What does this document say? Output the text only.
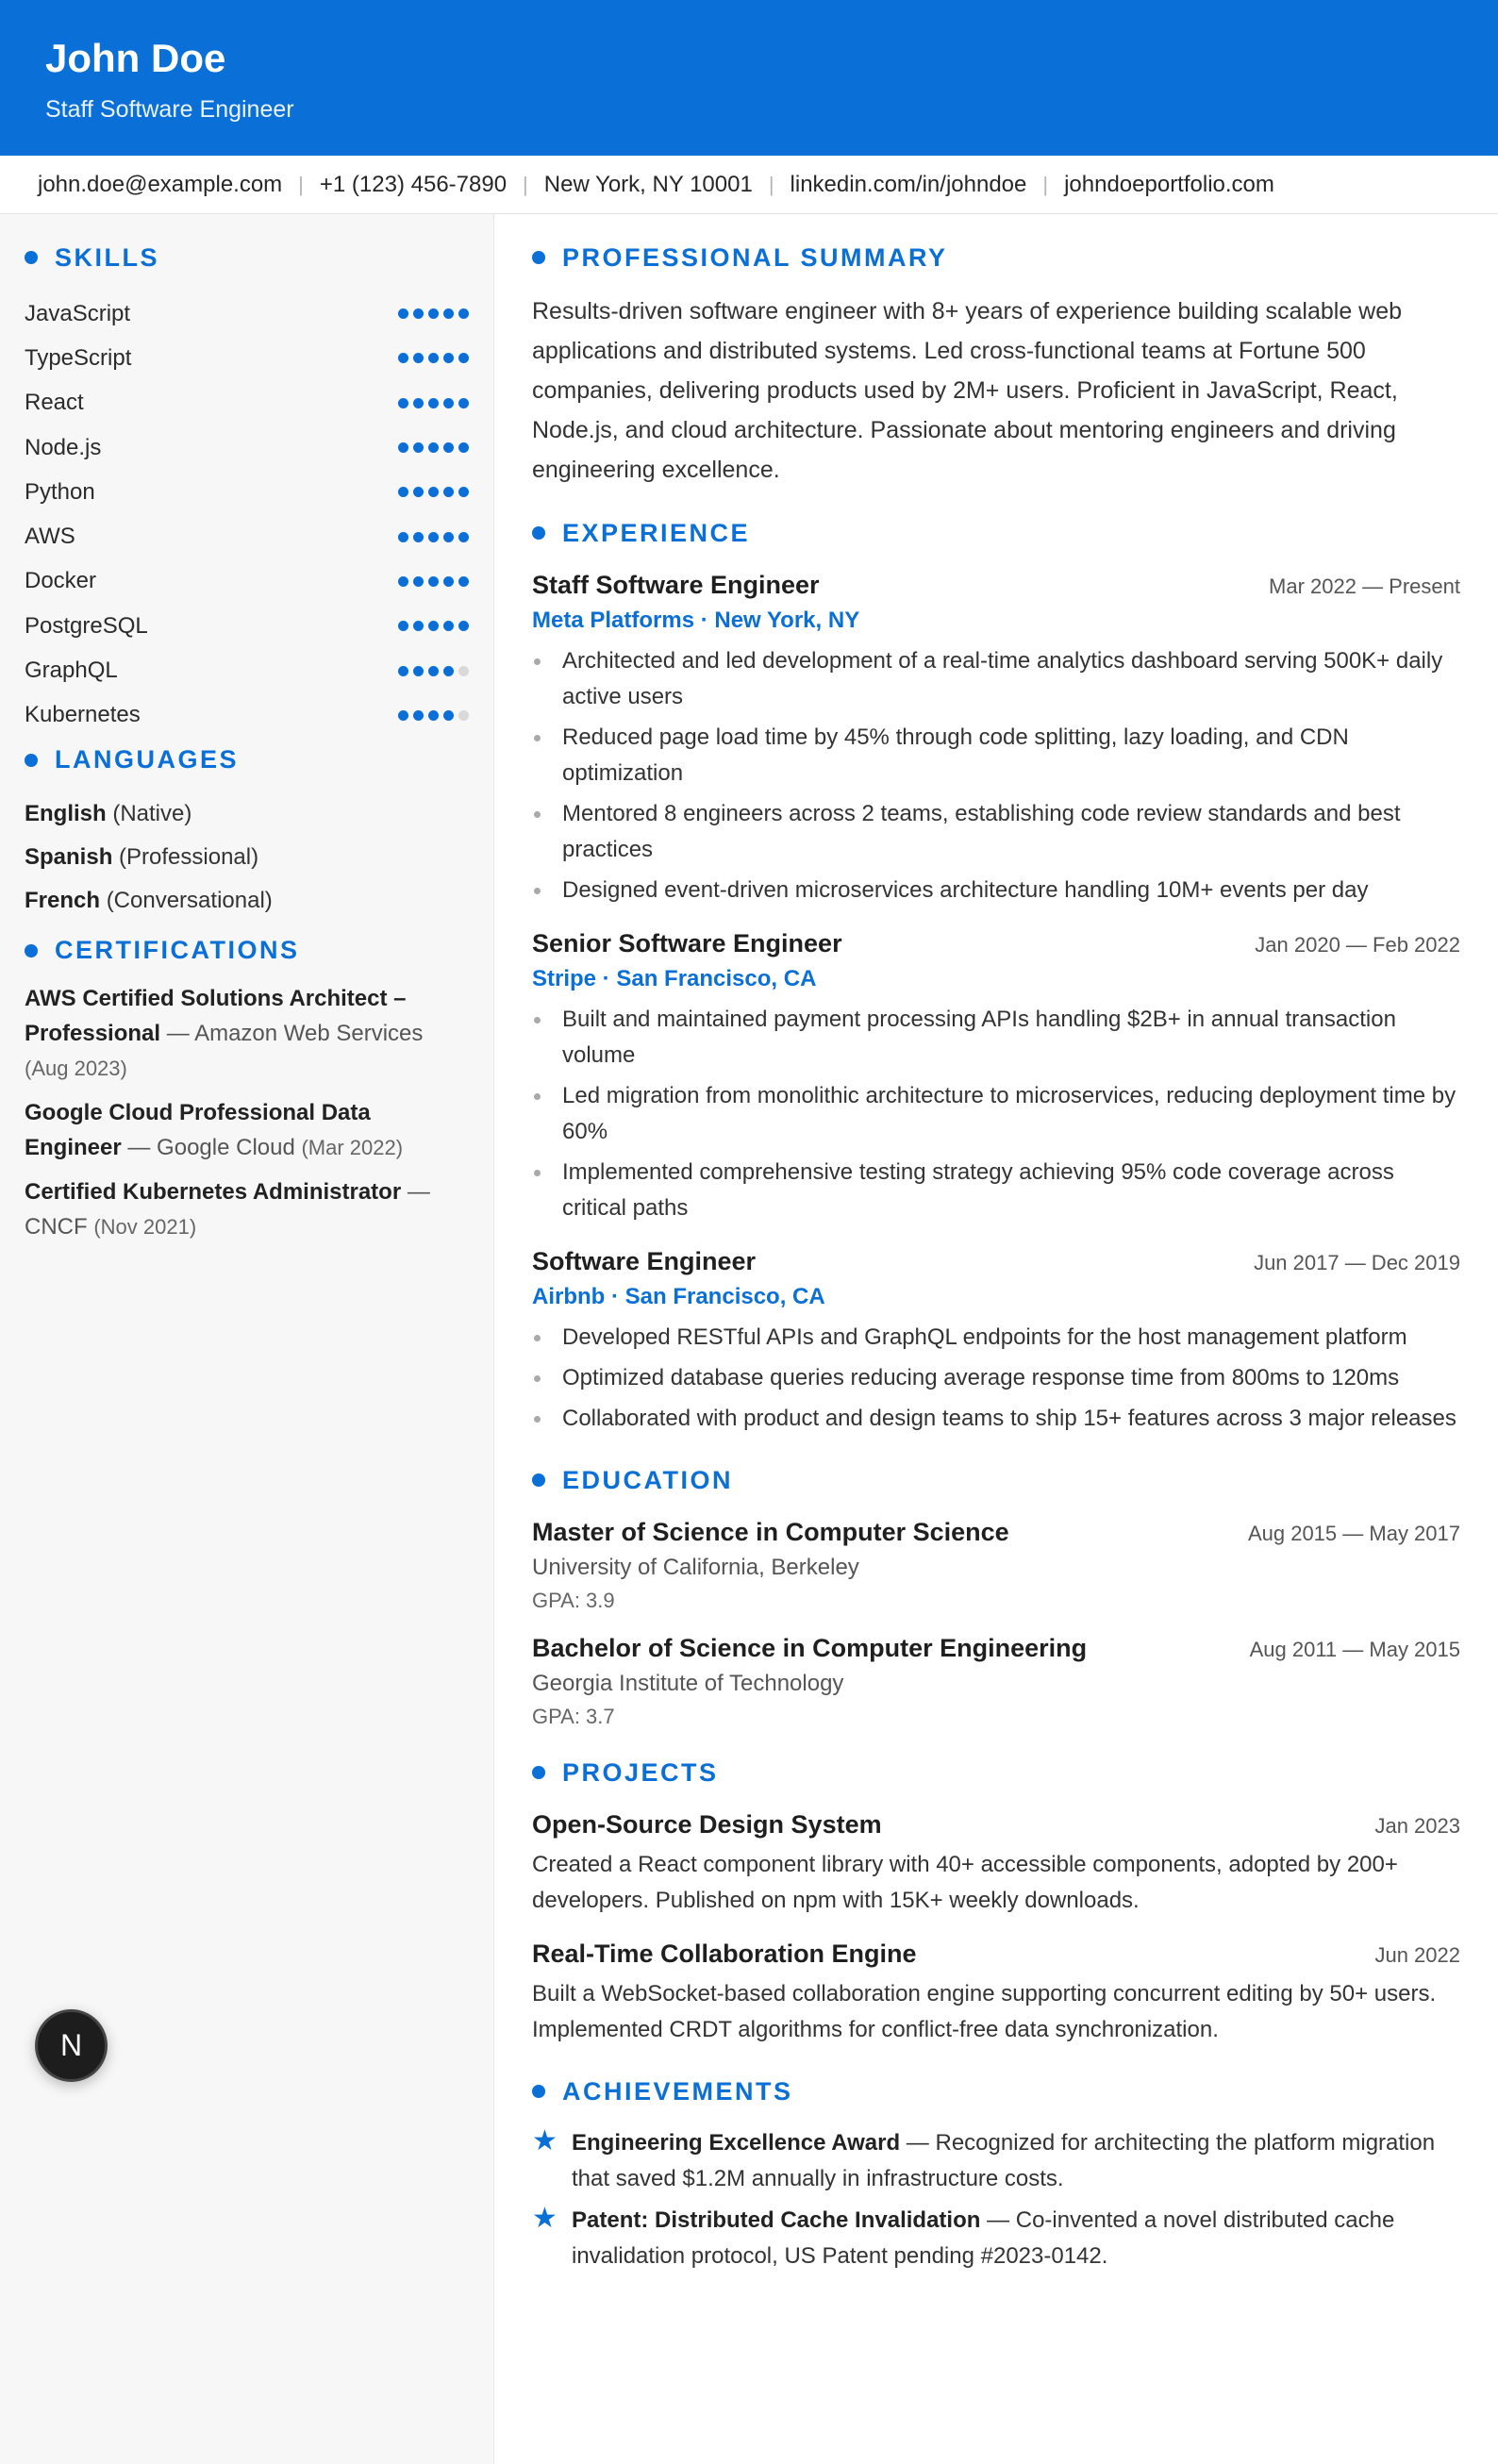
John Doe
Staff Software Engineer
john.doe@example.com | +1 (123) 456-7890 | New York, NY 10001 | linkedin.com/in/johndoe | johndoeportfolio.com
SKILLS
JavaScript
TypeScript
React
Node.js
Python
AWS
Docker
PostgreSQL
GraphQL
Kubernetes
LANGUAGES
English (Native) Spanish (Professional)
French (Conversational)
CERTIFICATIONS
AWS Certified Solutions Architect – Professional — Amazon Web Services
(Aug 2023)
Google Cloud Professional Data Engineer — Google Cloud (Mar 2022)
Certified Kubernetes Administrator — CNCF (Nov 2021)
PROFESSIONAL SUMMARY

Results-driven software engineer with 8+ years of experience building scalable web applications and distributed systems. Led cross-functional teams at Fortune 500 companies, delivering products used by 2M+ users. Proficient in JavaScript, React, Node.js, and cloud architecture. Passionate about mentoring engineers and driving engineering excellence.

EXPERIENCE
Staff Software Engineer	Mar 2022 — Present
Meta Platforms · New York, NY
Architected and led development of a real-time analytics dashboard serving 500K+ daily active users
Reduced page load time by 45% through code splitting, lazy loading, and CDN optimization
Mentored 8 engineers across 2 teams, establishing code review standards and best practices
Designed event-driven microservices architecture handling 10M+ events per day
Senior Software Engineer	Jan 2020 — Feb 2022
Stripe · San Francisco, CA
Built and maintained payment processing APIs handling $2B+ in annual transaction volume
Led migration from monolithic architecture to microservices, reducing deployment time by 60%
Implemented comprehensive testing strategy achieving 95% code coverage across critical paths
Software Engineer	Jun 2017 — Dec 2019
Airbnb · San Francisco, CA
Developed RESTful APIs and GraphQL endpoints for the host management platform
Optimized database queries reducing average response time from 800ms to 120ms
Collaborated with product and design teams to ship 15+ features across 3 major releases
EDUCATION
Master of Science in Computer Science	Aug 2015 — May 2017
University of California, Berkeley
GPA: 3.9
Bachelor of Science in Computer Engineering	Aug 2011 — May 2015
Georgia Institute of Technology
GPA: 3.7
PROJECTS
Open-Source Design System	Jan 2023

Created a React component library with 40+ accessible components, adopted by 200+ developers. Published on npm with 15K+ weekly downloads.

Real-Time Collaboration Engine	Jun 2022

Built a WebSocket-based collaboration engine supporting concurrent editing by 50+ users. Implemented CRDT algorithms for conflict-free data synchronization.

ACHIEVEMENTS
★ Engineering Excellence Award — Recognized for architecting the platform migration that saved $1.2M annually in infrastructure costs.
★ Patent: Distributed Cache Invalidation — Co-invented a novel distributed cache invalidation protocol, US Patent pending #2023-0142.
N
